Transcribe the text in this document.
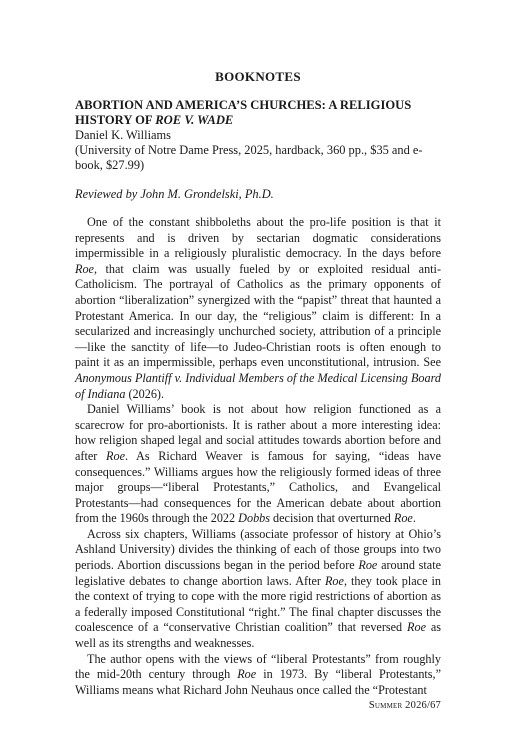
BOOKNOTES
ABORTION AND AMERICA’S CHURCHES: A RELIGIOUS HISTORY OF ROE V. WADE
Daniel K. Williams
(University of Notre Dame Press, 2025, hardback, 360 pp., $35 and e-book, $27.99)
Reviewed by John M. Grondelski, Ph.D.

One of the constant shibboleths about the pro-life position is that it represents and is driven by sectarian dogmatic considerations impermissible in a religiously pluralistic democracy. In the days before Roe, that claim was usually fueled by or exploited residual anti-Catholicism. The portrayal of Catholics as the primary opponents of abortion “liberalization” synergized with the “papist” threat that haunted a Protestant America. In our day, the “religious” claim is different: In a secularized and increasingly unchurched society, attribution of a principle—like the sanctity of life—to Judeo-Christian roots is often enough to paint it as an impermissible, perhaps even unconstitutional, intrusion. See Anonymous Plantiff v. Individual Members of the Medical Licensing Board of Indiana (2026).

Daniel Williams’ book is not about how religion functioned as a scarecrow for pro-abortionists. It is rather about a more interesting idea: how religion shaped legal and social attitudes towards abortion before and after Roe. As Richard Weaver is famous for saying, “ideas have consequences.” Williams argues how the religiously formed ideas of three major groups—“liberal Protestants,” Catholics, and Evangelical Protestants—had consequences for the American debate about abortion from the 1960s through the 2022 Dobbs decision that overturned Roe.

Across six chapters, Williams (associate professor of history at Ohio’s Ashland University) divides the thinking of each of those groups into two periods. Abortion discussions began in the period before Roe around state legislative debates to change abortion laws. After Roe, they took place in the context of trying to cope with the more rigid restrictions of abortion as a federally imposed Constitutional “right.” The final chapter discusses the coalescence of a “conservative Christian coalition” that reversed Roe as well as its strengths and weaknesses.

The author opens with the views of “liberal Protestants” from roughly the mid-20th century through Roe in 1973. By “liberal Protestants,” Williams means what Richard John Neuhaus once called the “Protestant

Summer 2026/67
